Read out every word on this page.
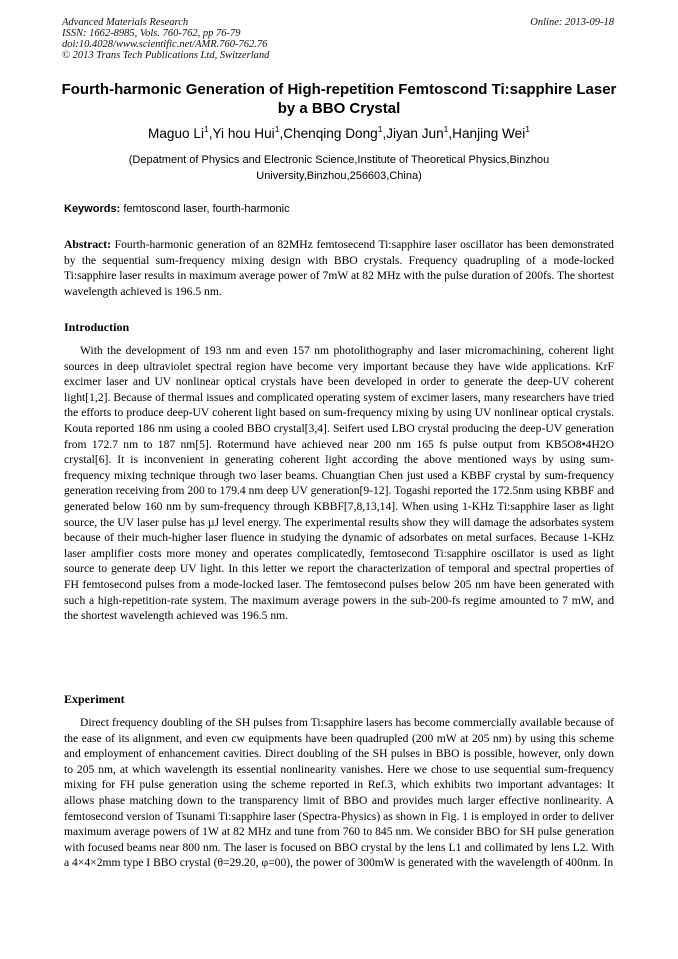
Advanced Materials Research
ISSN: 1662-8985, Vols. 760-762, pp 76-79
doi:10.4028/www.scientific.net/AMR.760-762.76
© 2013 Trans Tech Publications Ltd, Switzerland
Online: 2013-09-18
Fourth-harmonic Generation of High-repetition Femtoscond Ti:sapphire Laser by a BBO Crystal
Maguo Li$^1$,Yi hou Hui$^1$,Chenqing Dong$^1$,Jiyan Jun$^1$,Hanjing Wei$^1$
(Depatment of Physics and Electronic Science,Institute of Theoretical Physics,Binzhou University,Binzhou,256603,China)
Keywords: femtoscond laser, fourth-harmonic
Abstract: Fourth-harmonic generation of an 82MHz femtosecend Ti:sapphire laser oscillator has been demonstrated by the sequential sum-frequency mixing design with BBO crystals. Frequency quadrupling of a mode-locked Ti:sapphire laser results in maximum average power of 7mW at 82 MHz with the pulse duration of 200fs. The shortest wavelength achieved is 196.5 nm.
Introduction
With the development of 193 nm and even 157 nm photolithography and laser micromachining, coherent light sources in deep ultraviolet spectral region have become very important because they have wide applications. KrF excimer laser and UV nonlinear optical crystals have been developed in order to generate the deep-UV coherent light[1,2]. Because of thermal issues and complicated operating system of excimer lasers, many researchers have tried the efforts to produce deep-UV coherent light based on sum-frequency mixing by using UV nonlinear optical crystals. Kouta reported 186 nm using a cooled BBO crystal[3,4]. Seifert used LBO crystal producing the deep-UV generation from 172.7 nm to 187 nm[5]. Rotermund have achieved near 200 nm 165 fs pulse output from KB5O8•4H2O crystal[6]. It is inconvenient in generating coherent light according the above mentioned ways by using sum-frequency mixing technique through two laser beams. Chuangtian Chen just used a KBBF crystal by sum-frequency generation receiving from 200 to 179.4 nm deep UV generation[9-12]. Togashi reported the 172.5nm using KBBF and generated below 160 nm by sum-frequency through KBBF[7,8,13,14]. When using 1-KHz Ti:sapphire laser as light source, the UV laser pulse has µJ level energy. The experimental results show they will damage the adsorbates system because of their much-higher laser fluence in studying the dynamic of adsorbates on metal surfaces. Because 1-KHz laser amplifier costs more money and operates complicatedly, femtosecond Ti:sapphire oscillator is used as light source to generate deep UV light. In this letter we report the characterization of temporal and spectral properties of FH femtosecond pulses from a mode-locked laser. The femtosecond pulses below 205 nm have been generated with such a high-repetition-rate system. The maximum average powers in the sub-200-fs regime amounted to 7 mW, and the shortest wavelength achieved was 196.5 nm.
Experiment
Direct frequency doubling of the SH pulses from Ti:sapphire lasers has become commercially available because of the ease of its alignment, and even cw equipments have been quadrupled (200 mW at 205 nm) by using this scheme and employment of enhancement cavities. Direct doubling of the SH pulses in BBO is possible, however, only down to 205 nm, at which wavelength its essential nonlinearity vanishes. Here we chose to use sequential sum-frequency mixing for FH pulse generation using the scheme reported in Ref.3, which exhibits two important advantages: It allows phase matching down to the transparency limit of BBO and provides much larger effective nonlinearity. A femtosecond version of Tsunami Ti:sapphire laser (Spectra-Physics) as shown in Fig. 1 is employed in order to deliver maximum average powers of 1W at 82 MHz and tune from 760 to 845 nm. We consider BBO for SH pulse generation with focused beams near 800 nm. The laser is focused on BBO crystal by the lens L1 and collimated by lens L2. With a 4×4×2mm type I BBO crystal (θ=29.20, φ=00), the power of 300mW is generated with the wavelength of 400nm. In
